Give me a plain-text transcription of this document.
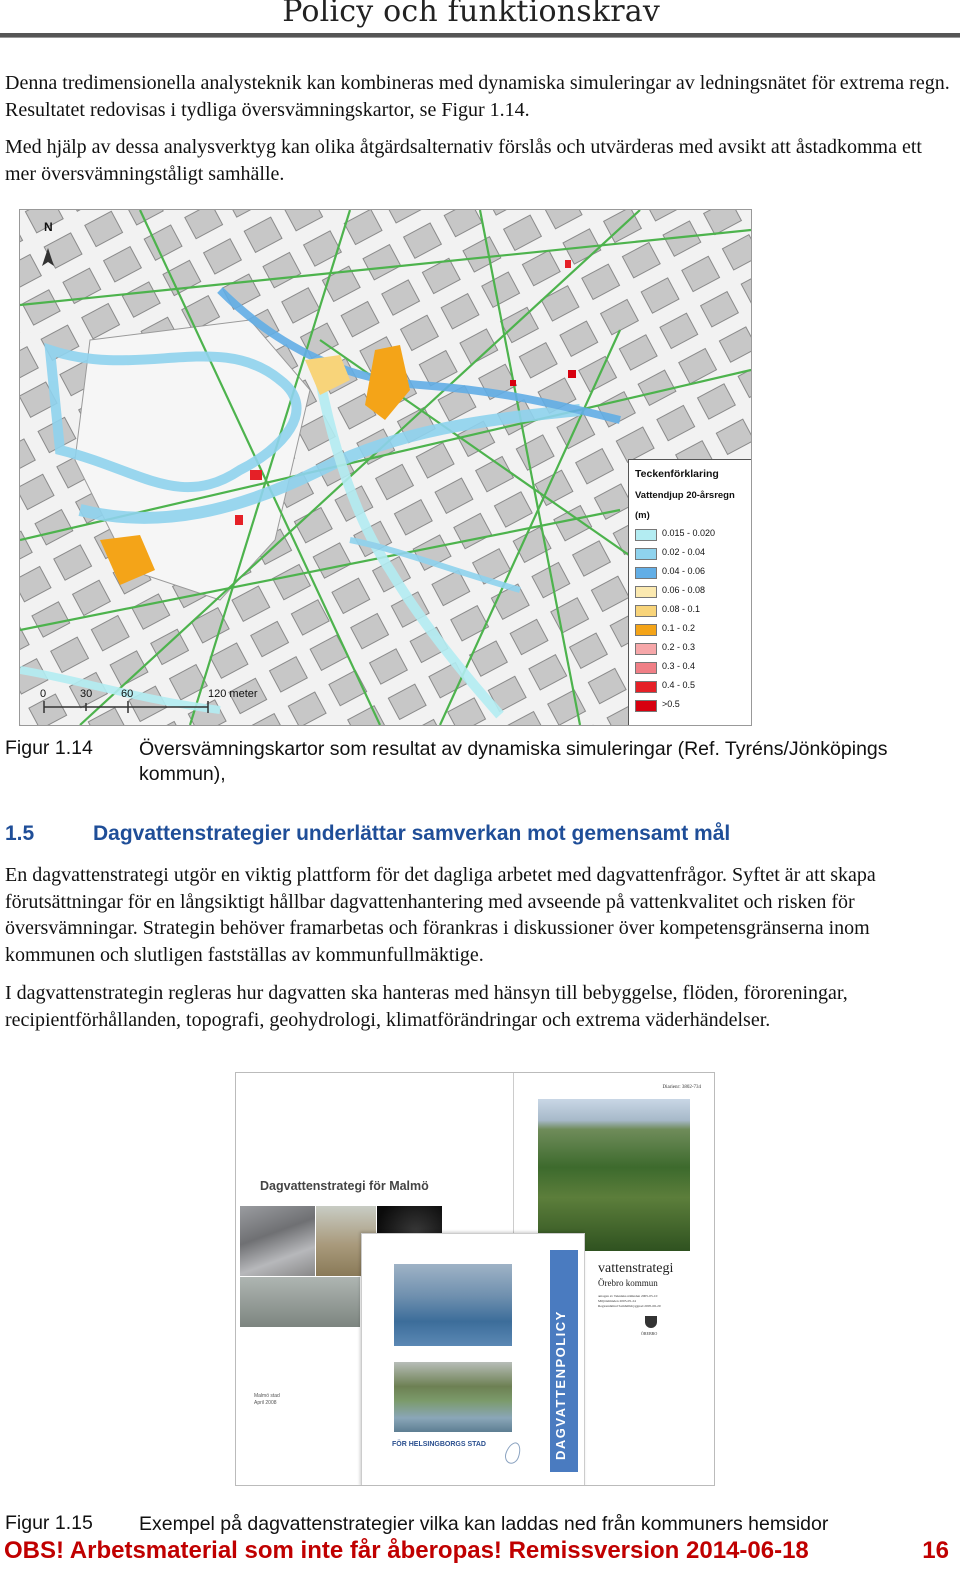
Policy och funktionskrav

Denna tredimensionella analysteknik kan kombineras med dynamiska simuleringar av ledningsnätet för extrema regn. Resultatet redovisas i tydliga översvämningskartor, se Figur 1.14.

Med hjälp av dessa analysverktyg kan olika åtgärdsalternativ förslås och utvärderas med avsikt att åstadkomma ett mer översvämningståligt samhälle.

N
0	30	60	120 meter
Teckenförklaring
Vattendjup 20-årsregn
(m)
0.015 - 0.020
0.02 - 0.04
0.04 - 0.06
0.06 - 0.08
0.08 - 0.1
0.1 - 0.2
0.2 - 0.3
0.3 - 0.4
0.4 - 0.5
>0.5
Figur 1.14 Översvämningskartor som resultat av dynamiska simuleringar (Ref. Tyréns/Jönköpings kommun),
1.5	Dagvattenstrategier underlättar samverkan mot gemensamt mål

En dagvattenstrategi utgör en viktig plattform för det dagliga arbetet med dagvattenfrågor. Syftet är att skapa förutsättningar för en långsiktigt hållbar dagvattenhantering med avseende på vattenkvalitet och risken för översvämningar. Strategin behöver framarbetas och förankras i diskussioner över kompetensgränserna inom kommunen och slutligen fastställas av kommunfullmäktige.

I dagvattenstrategin regleras hur dagvatten ska hanteras med hänsyn till bebyggelse, flöden, föroreningar, recipientförhållanden, topografi, geohydrologi, klimatförändringar och extrema väderhändelser.

Dagvattenstrategi för Malmö
Malmö stad
April 2008
Diarienr: 3802-734
vattenstrategi
Örebro kommun
antagen av Tekniska nämnden 2005-05-10
Miljönämnden 2005-05-24
Regionnämnd Samhällsbyggnad 2005-06-20
ÖREBRO
DAGVATTENPOLICY
FÖR HELSINGBORGS STAD
Figur 1.15 Exempel på dagvattenstrategier vilka kan laddas ned från kommuners hemsidor
OBS! Arbetsmaterial som inte får åberopas! Remissversion 2014-06-18	16
